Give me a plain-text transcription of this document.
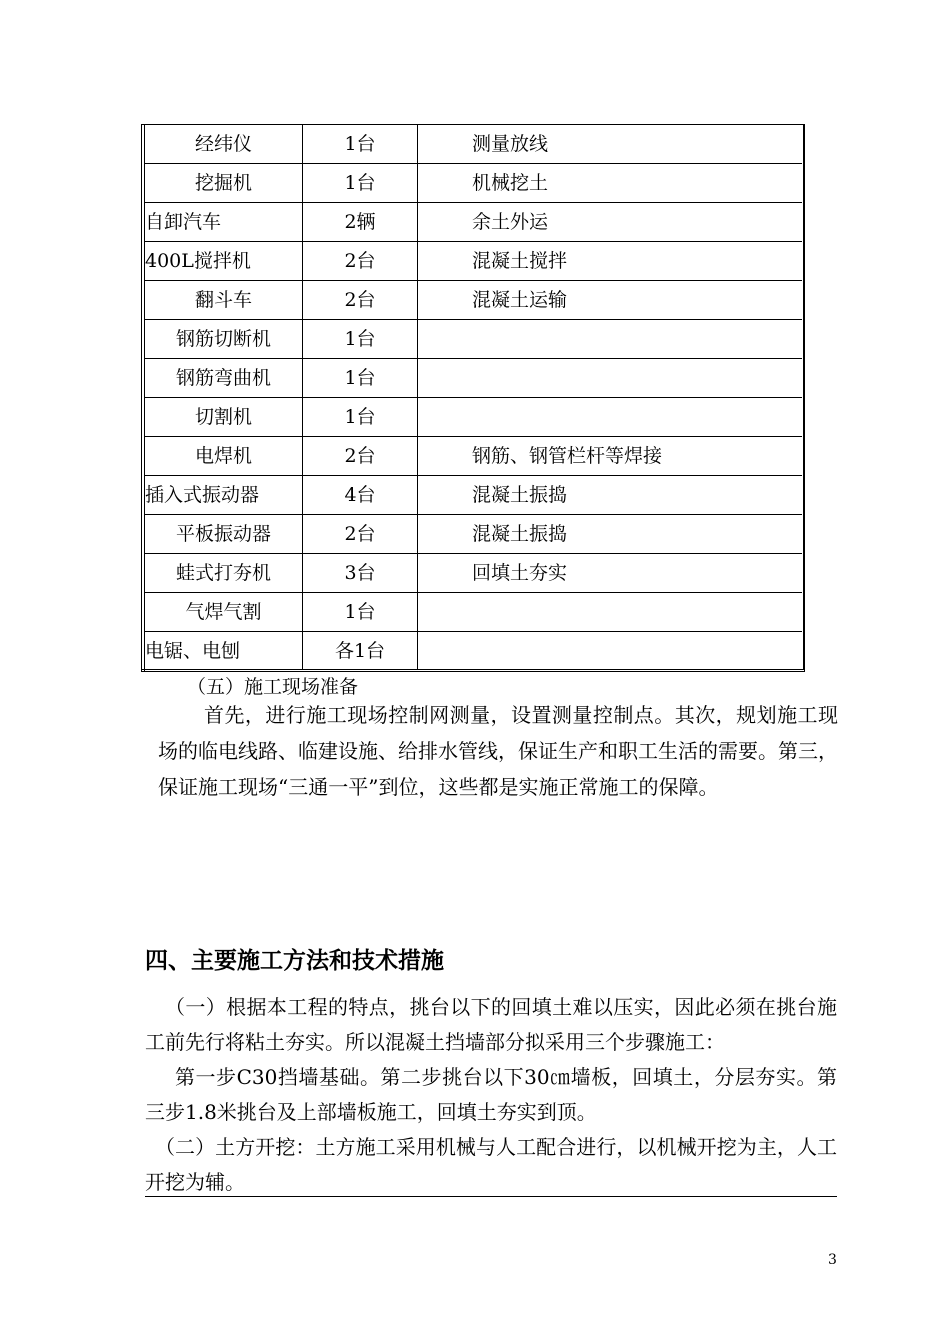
经纬仪	1台	测量放线
挖掘机	1台	机械挖土
自卸汽车	2辆	余土外运
400L搅拌机	2台	混凝土搅拌
翻斗车	2台	混凝土运输
钢筋切断机	1台	
钢筋弯曲机	1台	
切割机	1台	
电焊机	2台	钢筋、钢管栏杆等焊接
插入式振动器	4台	混凝土振捣
平板振动器	2台	混凝土振捣
蛙式打夯机	3台	回填土夯实
气焊气割	1台	
电锯、电刨	各1台	

（五）施工现场准备

首先，进行施工现场控制网测量，设置测量控制点。其次，规划施工现场的临电线路、临建设施、给排水管线，保证生产和职工生活的需要。第三，保证施工现场“三通一平”到位，这些都是实施正常施工的保障。

四、主要施工方法和技术措施

（一）根据本工程的特点，挑台以下的回填土难以压实，因此必须在挑台施工前先行将粘土夯实。所以混凝土挡墙部分拟采用三个步骤施工：

第一步C30挡墙基础。第二步挑台以下30㎝墙板，回填土，分层夯实。第三步1.8米挑台及上部墙板施工，回填土夯实到顶。

（二）土方开挖：土方施工采用机械与人工配合进行，以机械开挖为主，人工开挖为辅。

3
